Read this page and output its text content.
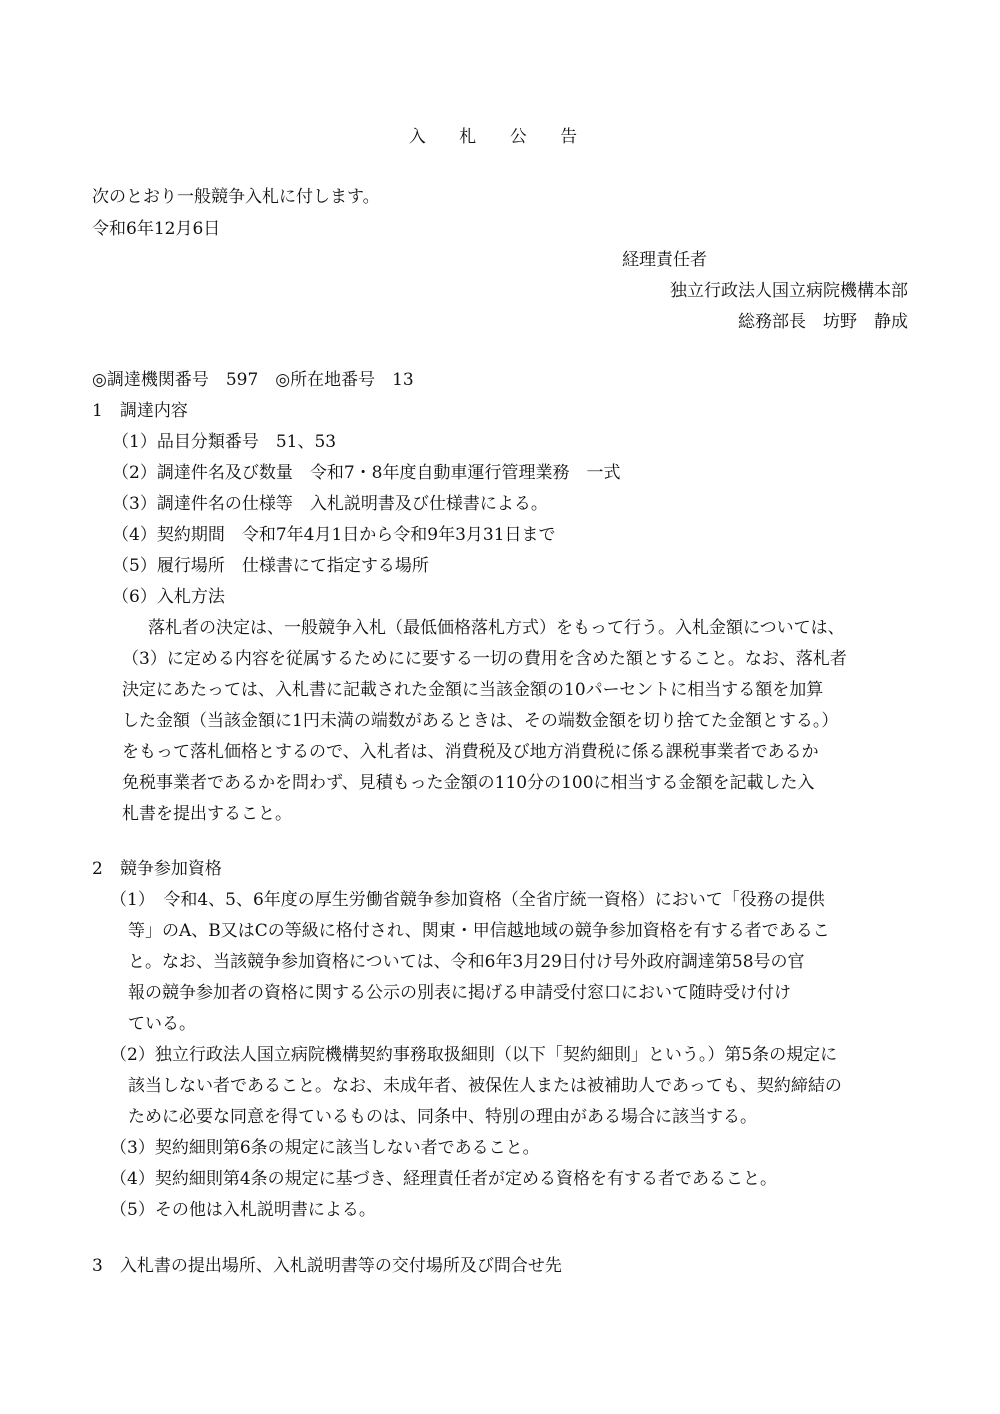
入 札 公 告
次のとおり一般競争入札に付します。
令和6年12月6日
経理責任者
独立行政法人国立病院機構本部
総務部長　坊野　静成
◎調達機関番号　597　◎所在地番号　13
1　調達内容
（1）品目分類番号　51、53
（2）調達件名及び数量　令和7・8年度自動車運行管理業務　一式
（3）調達件名の仕様等　入札説明書及び仕様書による。
（4）契約期間　令和7年4月1日から令和9年3月31日まで
（5）履行場所　仕様書にて指定する場所
（6）入札方法
落札者の決定は、一般競争入札（最低価格落札方式）をもって行う。入札金額については、
（3）に定める内容を従属するためにに要する一切の費用を含めた額とすること。なお、落札者
決定にあたっては、入札書に記載された金額に当該金額の10パーセントに相当する額を加算
した金額（当該金額に1円未満の端数があるときは、その端数金額を切り捨てた金額とする。）
をもって落札価格とするので、入札者は、消費税及び地方消費税に係る課税事業者であるか
免税事業者であるかを問わず、見積もった金額の110分の100に相当する金額を記載した入
札書を提出すること。
2　競争参加資格
（1）　令和4、5、6年度の厚生労働省競争参加資格（全省庁統一資格）において「役務の提供
等」のA、B又はCの等級に格付され、関東・甲信越地域の競争参加資格を有する者であるこ
と。なお、当該競争参加資格については、令和6年3月29日付け号外政府調達第58号の官
報の競争参加者の資格に関する公示の別表に掲げる申請受付窓口において随時受け付け
ている。
（2）独立行政法人国立病院機構契約事務取扱細則（以下「契約細則」という。）第5条の規定に
該当しない者であること。なお、未成年者、被保佐人または被補助人であっても、契約締結の
ために必要な同意を得ているものは、同条中、特別の理由がある場合に該当する。
（3）契約細則第6条の規定に該当しない者であること。
（4）契約細則第4条の規定に基づき、経理責任者が定める資格を有する者であること。
（5）その他は入札説明書による。
3　入札書の提出場所、入札説明書等の交付場所及び問合せ先
